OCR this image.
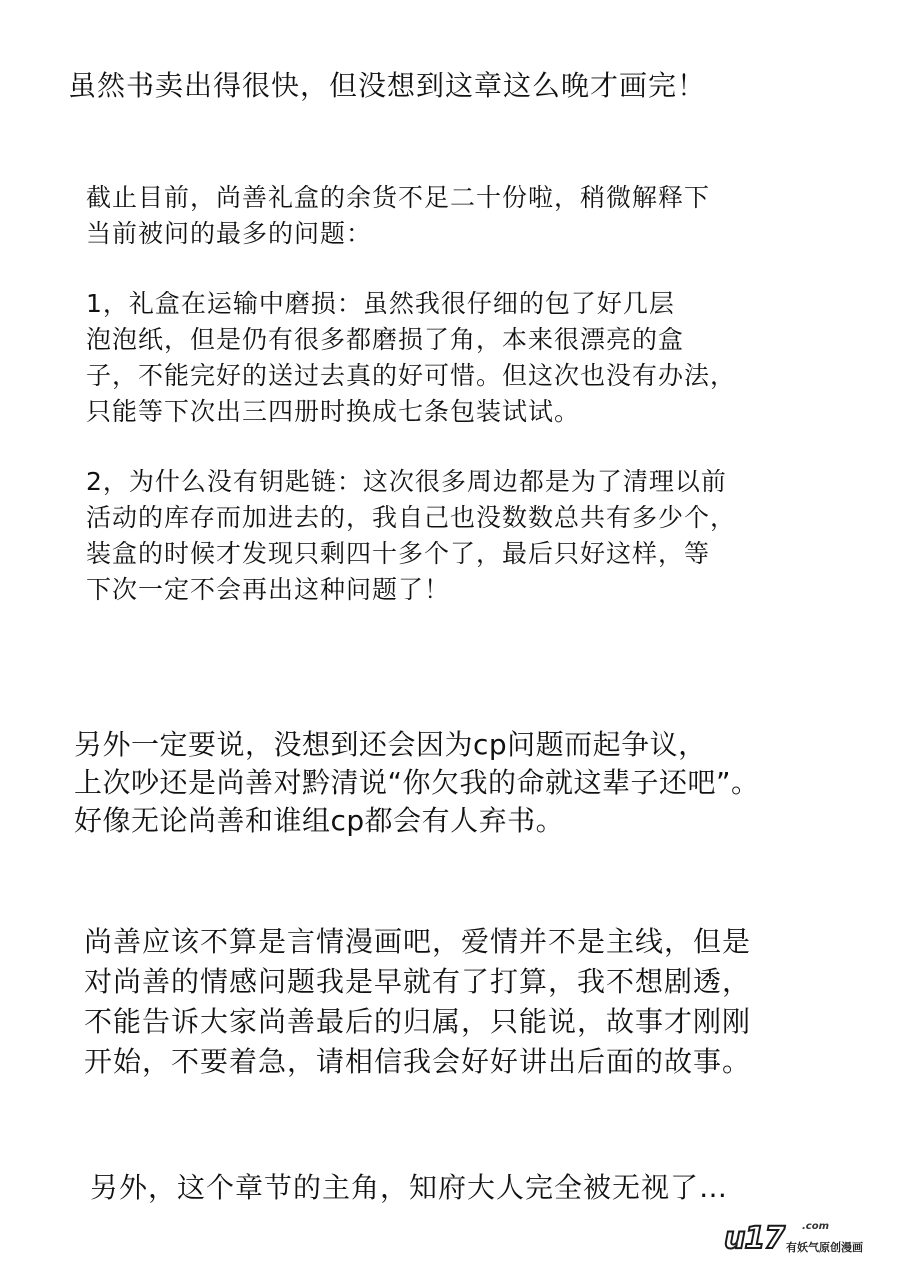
虽然书卖出得很快，但没想到这章这么晚才画完！

截止目前，尚善礼盒的余货不足二十份啦，稍微解释下
当前被问的最多的问题：

1，礼盒在运输中磨损：虽然我很仔细的包了好几层
泡泡纸，但是仍有很多都磨损了角，本来很漂亮的盒
子，不能完好的送过去真的好可惜。但这次也没有办法，
只能等下次出三四册时换成七条包装试试。

2，为什么没有钥匙链：这次很多周边都是为了清理以前
活动的库存而加进去的，我自己也没数数总共有多少个，
装盒的时候才发现只剩四十多个了，最后只好这样，等
下次一定不会再出这种问题了！

另外一定要说，没想到还会因为cp问题而起争议，
上次吵还是尚善对黔清说“你欠我的命就这辈子还吧”。
好像无论尚善和谁组cp都会有人弃书。

尚善应该不算是言情漫画吧，爱情并不是主线，但是
对尚善的情感问题我是早就有了打算，我不想剧透，
不能告诉大家尚善最后的归属，只能说，故事才刚刚
开始，不要着急，请相信我会好好讲出后面的故事。

另外，这个章节的主角，知府大人完全被无视了…

u17 .com
有妖气原创漫画
